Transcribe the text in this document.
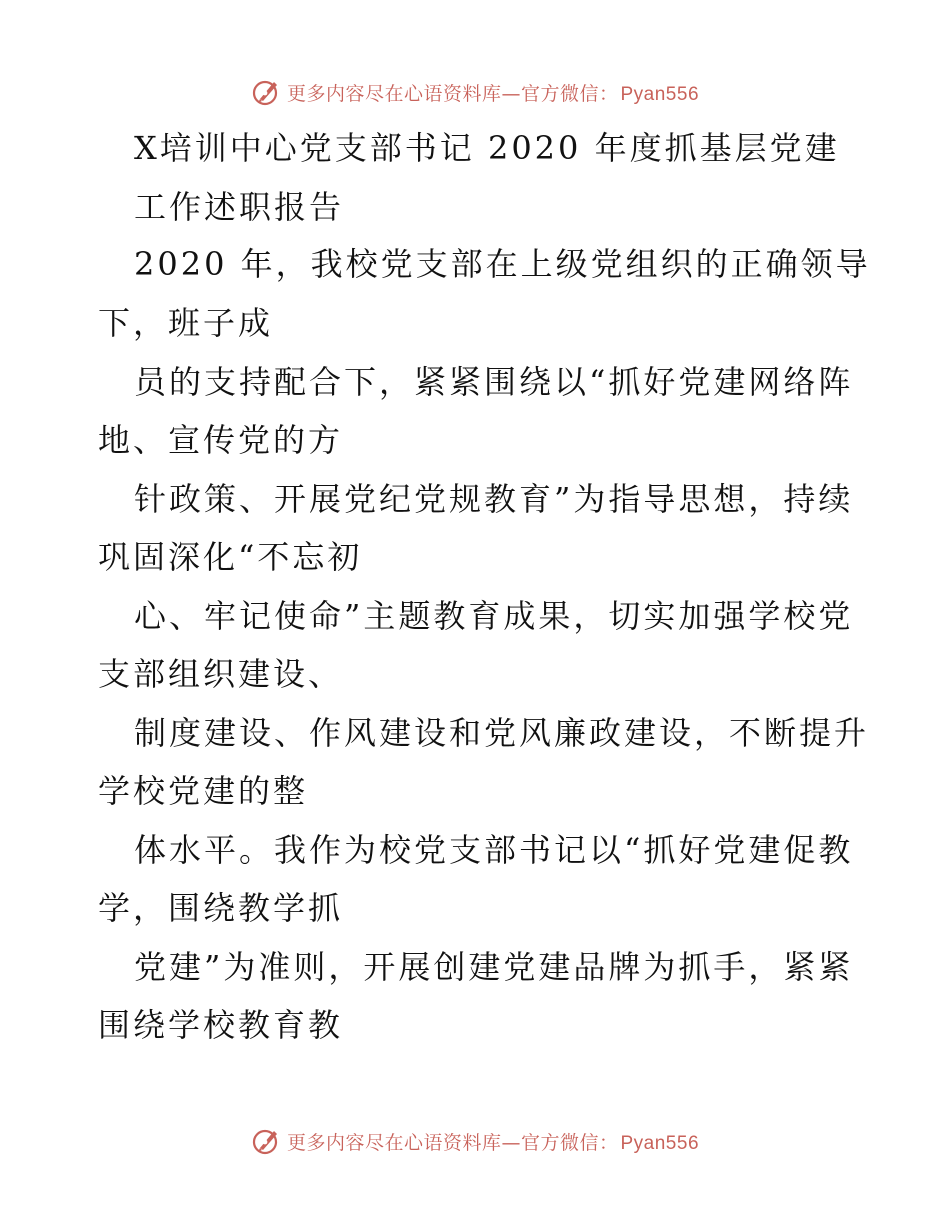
更多内容尽在心语资料库—官方微信： Pyan556
X培训中心党支部书记 2020 年度抓基层党建
工作述职报告
2020 年，我校党支部在上级党组织的正确领导
下，班子成
员的支持配合下，紧紧围绕以“抓好党建网络阵
地、宣传党的方
针政策、开展党纪党规教育”为指导思想，持续
巩固深化“不忘初
心、牢记使命”主题教育成果，切实加强学校党
支部组织建设、
制度建设、作风建设和党风廉政建设，不断提升
学校党建的整
体水平。我作为校党支部书记以“抓好党建促教
学，围绕教学抓
党建”为准则，开展创建党建品牌为抓手，紧紧
围绕学校教育教
更多内容尽在心语资料库—官方微信： Pyan556
